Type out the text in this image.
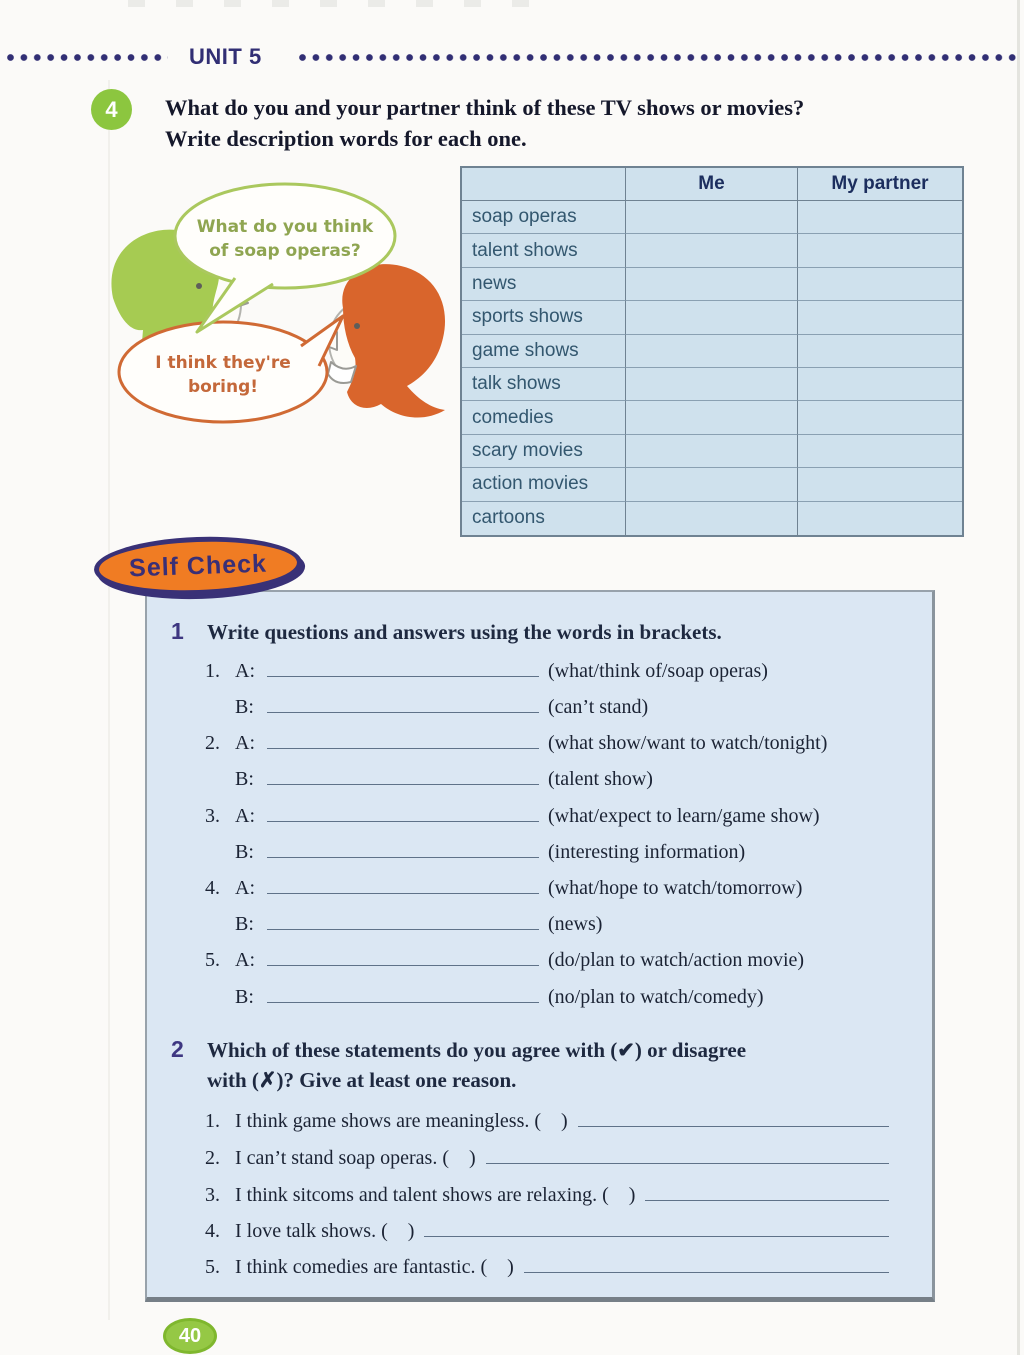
UNIT 5
4 What do you and your partner think of these TV shows or movies?
Write description words for each one.
I think they're
boring!
What do you think
of soap operas?
Me	My partner
soap operas
talent shows
news
sports shows
game shows
talk shows
comedies
scary movies
action movies
cartoons
Self Check
1 Write questions and answers using the words in brackets.
1. A:	(what/think of/soap operas)
B:	(can’t stand)
2. A:	(what show/want to watch/tonight)
B:	(talent show)
3. A:	(what/expect to learn/game show)
B:	(interesting information)
4. A:	(what/hope to watch/tomorrow)
B:	(news)
5. A:	(do/plan to watch/action movie)
B:	(no/plan to watch/comedy)
2 Which of these statements do you agree with (✔) or disagree
with (✗)? Give at least one reason.
1. I think game shows are meaningless. (    )
2. I can’t stand soap operas. (    )
3. I think sitcoms and talent shows are relaxing. (    )
4. I love talk shows. (    )
5. I think comedies are fantastic. (    )
40
